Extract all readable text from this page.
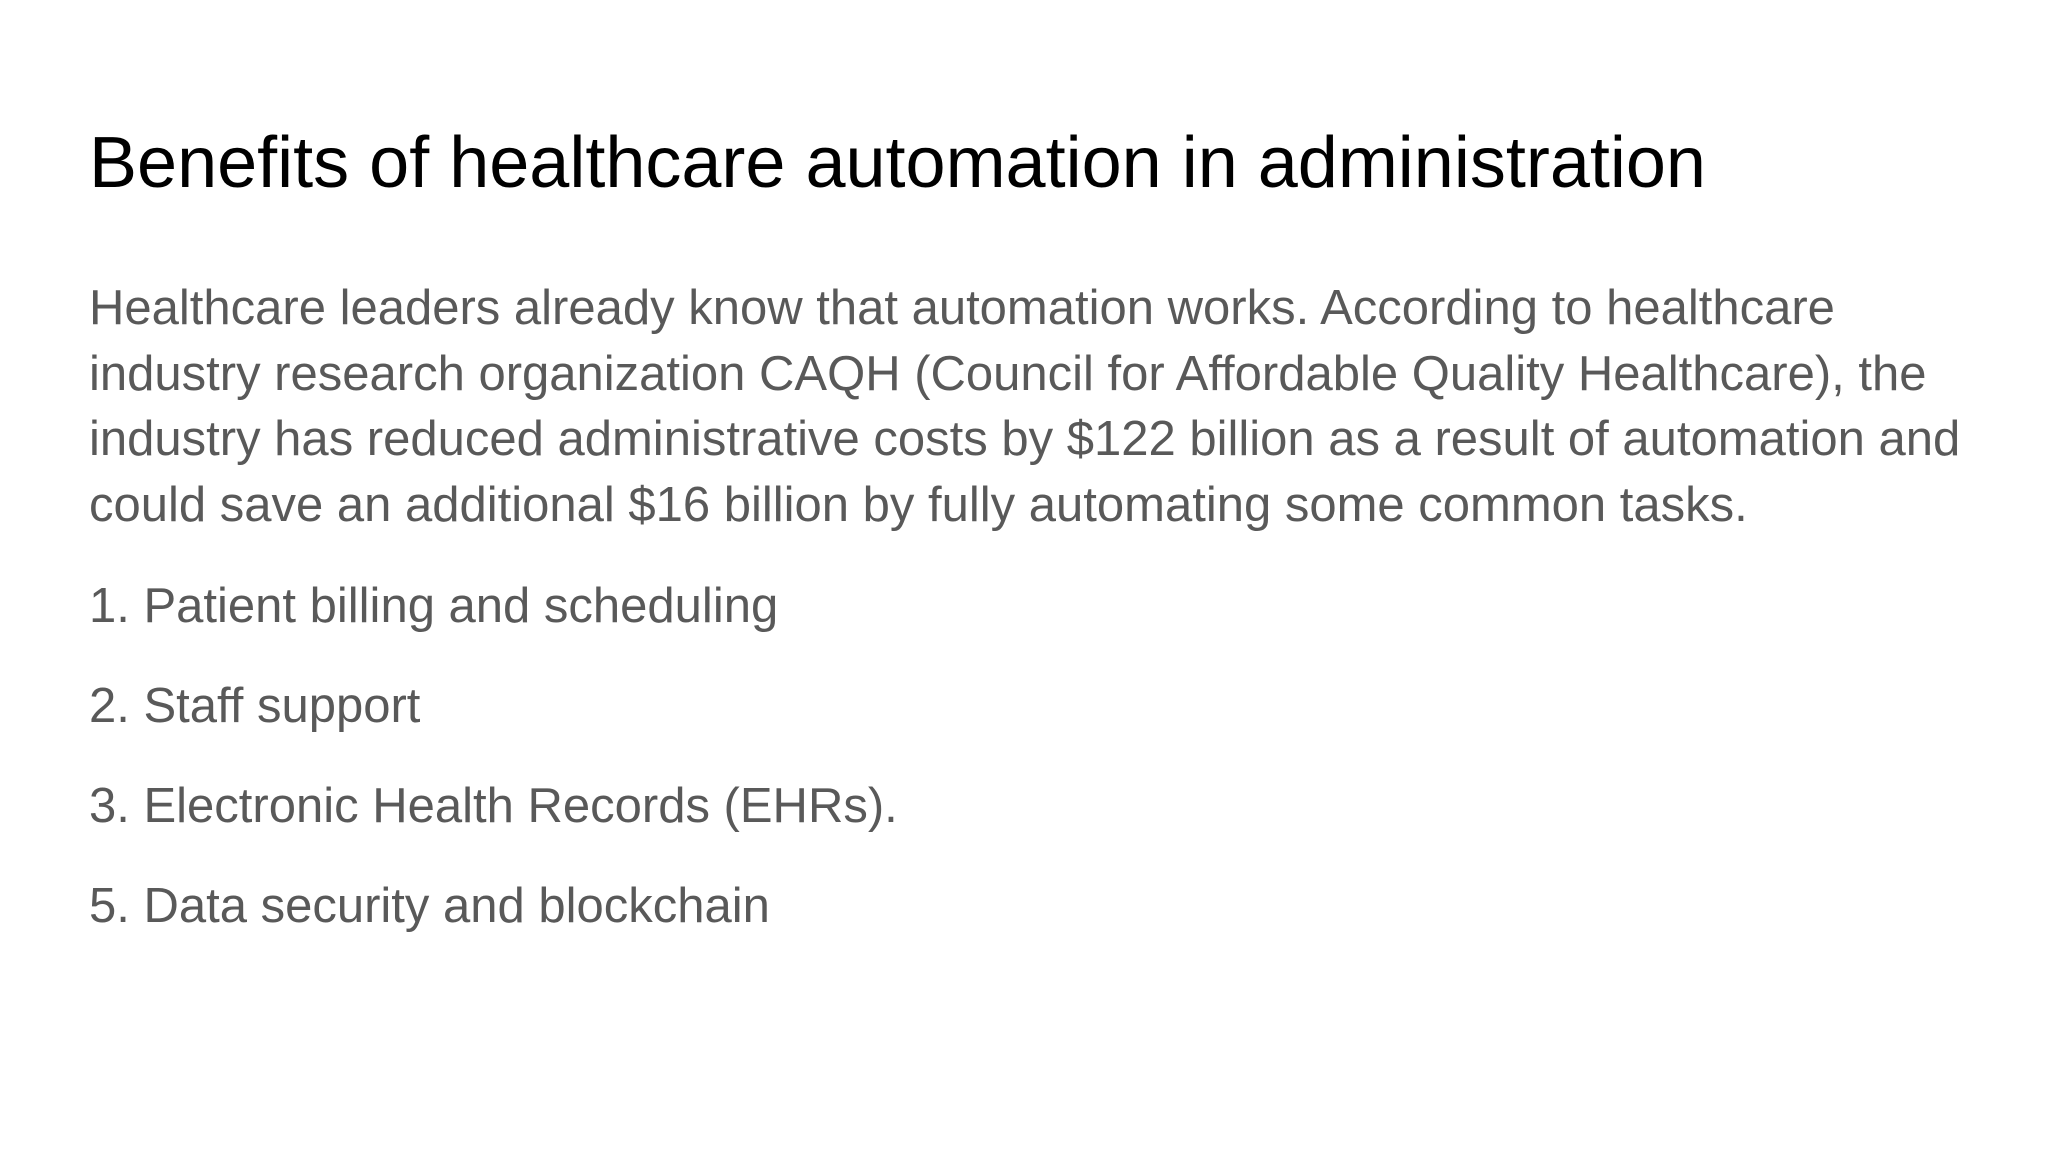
Benefits of healthcare automation in administration

Healthcare leaders already know that automation works. According to healthcare industry research organization CAQH (Council for Affordable Quality Healthcare), the industry has reduced administrative costs by $122 billion as a result of automation and could save an additional $16 billion by fully automating some common tasks.

1. Patient billing and scheduling
2. Staff support
3. Electronic Health Records (EHRs).
5. Data security and blockchain
